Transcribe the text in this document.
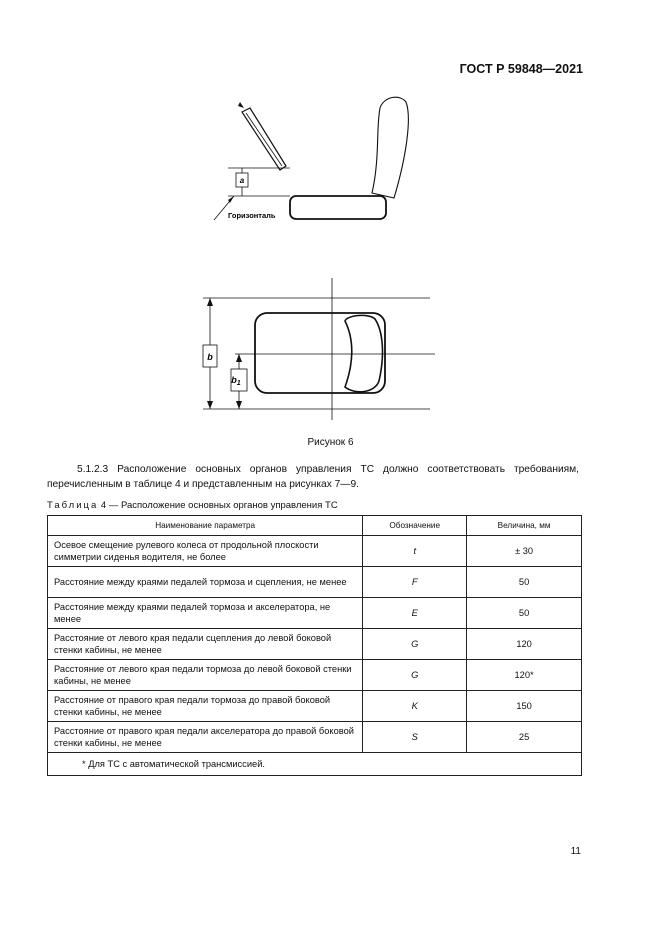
ГОСТ Р 59848—2021
a
Горизонталь
b
$b_1$
Рисунок 6
5.1.2.3 Расположение основных органов управления ТС должно соответствовать требованиям, перечисленным в таблице 4 и представленным на рисунках 7—9.
Таблица 4 — Расположение основных органов управления ТС
Наименование параметра	Обозначение	Величина, мм
Осевое смещение рулевого колеса от продольной плоскости симметрии сиденья водителя, не более	t	± 30
Расстояние между краями педалей тормоза и сцепления, не менее	F	50
Расстояние между краями педалей тормоза и акселератора, не менее	E	50
Расстояние от левого края педали сцепления до левой боковой стенки кабины, не менее	G	120
Расстояние от левого края педали тормоза до левой боковой стенки кабины, не менее	G	120*
Расстояние от правого края педали тормоза до правой боковой стенки кабины, не менее	K	150
Расстояние от правого края педали акселератора до правой боковой стенки кабины, не менее	S	25
* Для ТС с автоматической трансмиссией.		
11
